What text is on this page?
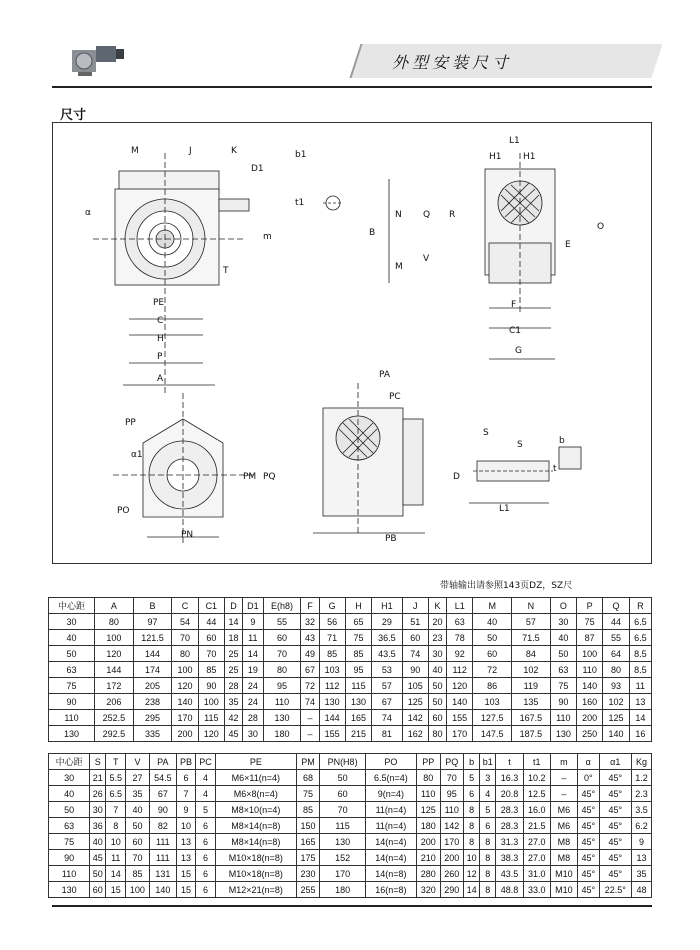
外型安装尺寸
尺寸
M	J	K
D1
α
m
T
PE
C
H
P
A
b1
t1
L1
H1 H1
B
N Q R
M
V
O
E
F
C1
G
PP
α1
PO
PN
PM PQ
PA
PC
PB
S
S
D
L1
b
t
带轴输出请参照143页DZ，SZ尺
中心距	A	B	C	C1	D	D1	E(h8)	F	G	H	H1	J	K	L1	M	N	O	P	Q	R
30	80	97	54	44	14	9	55	32	56	65	29	51	20	63	40	57	30	75	44	6.5
40	100	121.5	70	60	18	11	60	43	71	75	36.5	60	23	78	50	71.5	40	87	55	6.5
50	120	144	80	70	25	14	70	49	85	85	43.5	74	30	92	60	84	50	100	64	8.5
63	144	174	100	85	25	19	80	67	103	95	53	90	40	112	72	102	63	110	80	8.5
75	172	205	120	90	28	24	95	72	112	115	57	105	50	120	86	119	75	140	93	11
90	206	238	140	100	35	24	110	74	130	130	67	125	50	140	103	135	90	160	102	13
110	252.5	295	170	115	42	28	130	–	144	165	74	142	60	155	127.5	167.5	110	200	125	14
130	292.5	335	200	120	45	30	180	–	155	215	81	162	80	170	147.5	187.5	130	250	140	16
中心距	S	T	V	PA	PB	PC	PE	PM	PN(H8)	PO	PP	PQ	b	b1	t	t1	m	α	α1	Kg
30	21	5.5	27	54.5	6	4	M6×11(n=4)	68	50	6.5(n=4)	80	70	5	3	16.3	10.2	–	0°	45°	1.2
40	26	6.5	35	67	7	4	M6×8(n=4)	75	60	9(n=4)	110	95	6	4	20.8	12.5	–	45°	45°	2.3
50	30	7	40	90	9	5	M8×10(n=4)	85	70	11(n=4)	125	110	8	5	28.3	16.0	M6	45°	45°	3.5
63	36	8	50	82	10	6	M8×14(n=8)	150	115	11(n=4)	180	142	8	6	28.3	21.5	M6	45°	45°	6.2
75	40	10	60	111	13	6	M8×14(n=8)	165	130	14(n=4)	200	170	8	8	31.3	27.0	M8	45°	45°	9
90	45	11	70	111	13	6	M10×18(n=8)	175	152	14(n=4)	210	200	10	8	38.3	27.0	M8	45°	45°	13
110	50	14	85	131	15	6	M10×18(n=8)	230	170	14(n=8)	280	260	12	8	43.5	31.0	M10	45°	45°	35
130	60	15	100	140	15	6	M12×21(n=8)	255	180	16(n=8)	320	290	14	8	48.8	33.0	M10	45°	22.5°	48
